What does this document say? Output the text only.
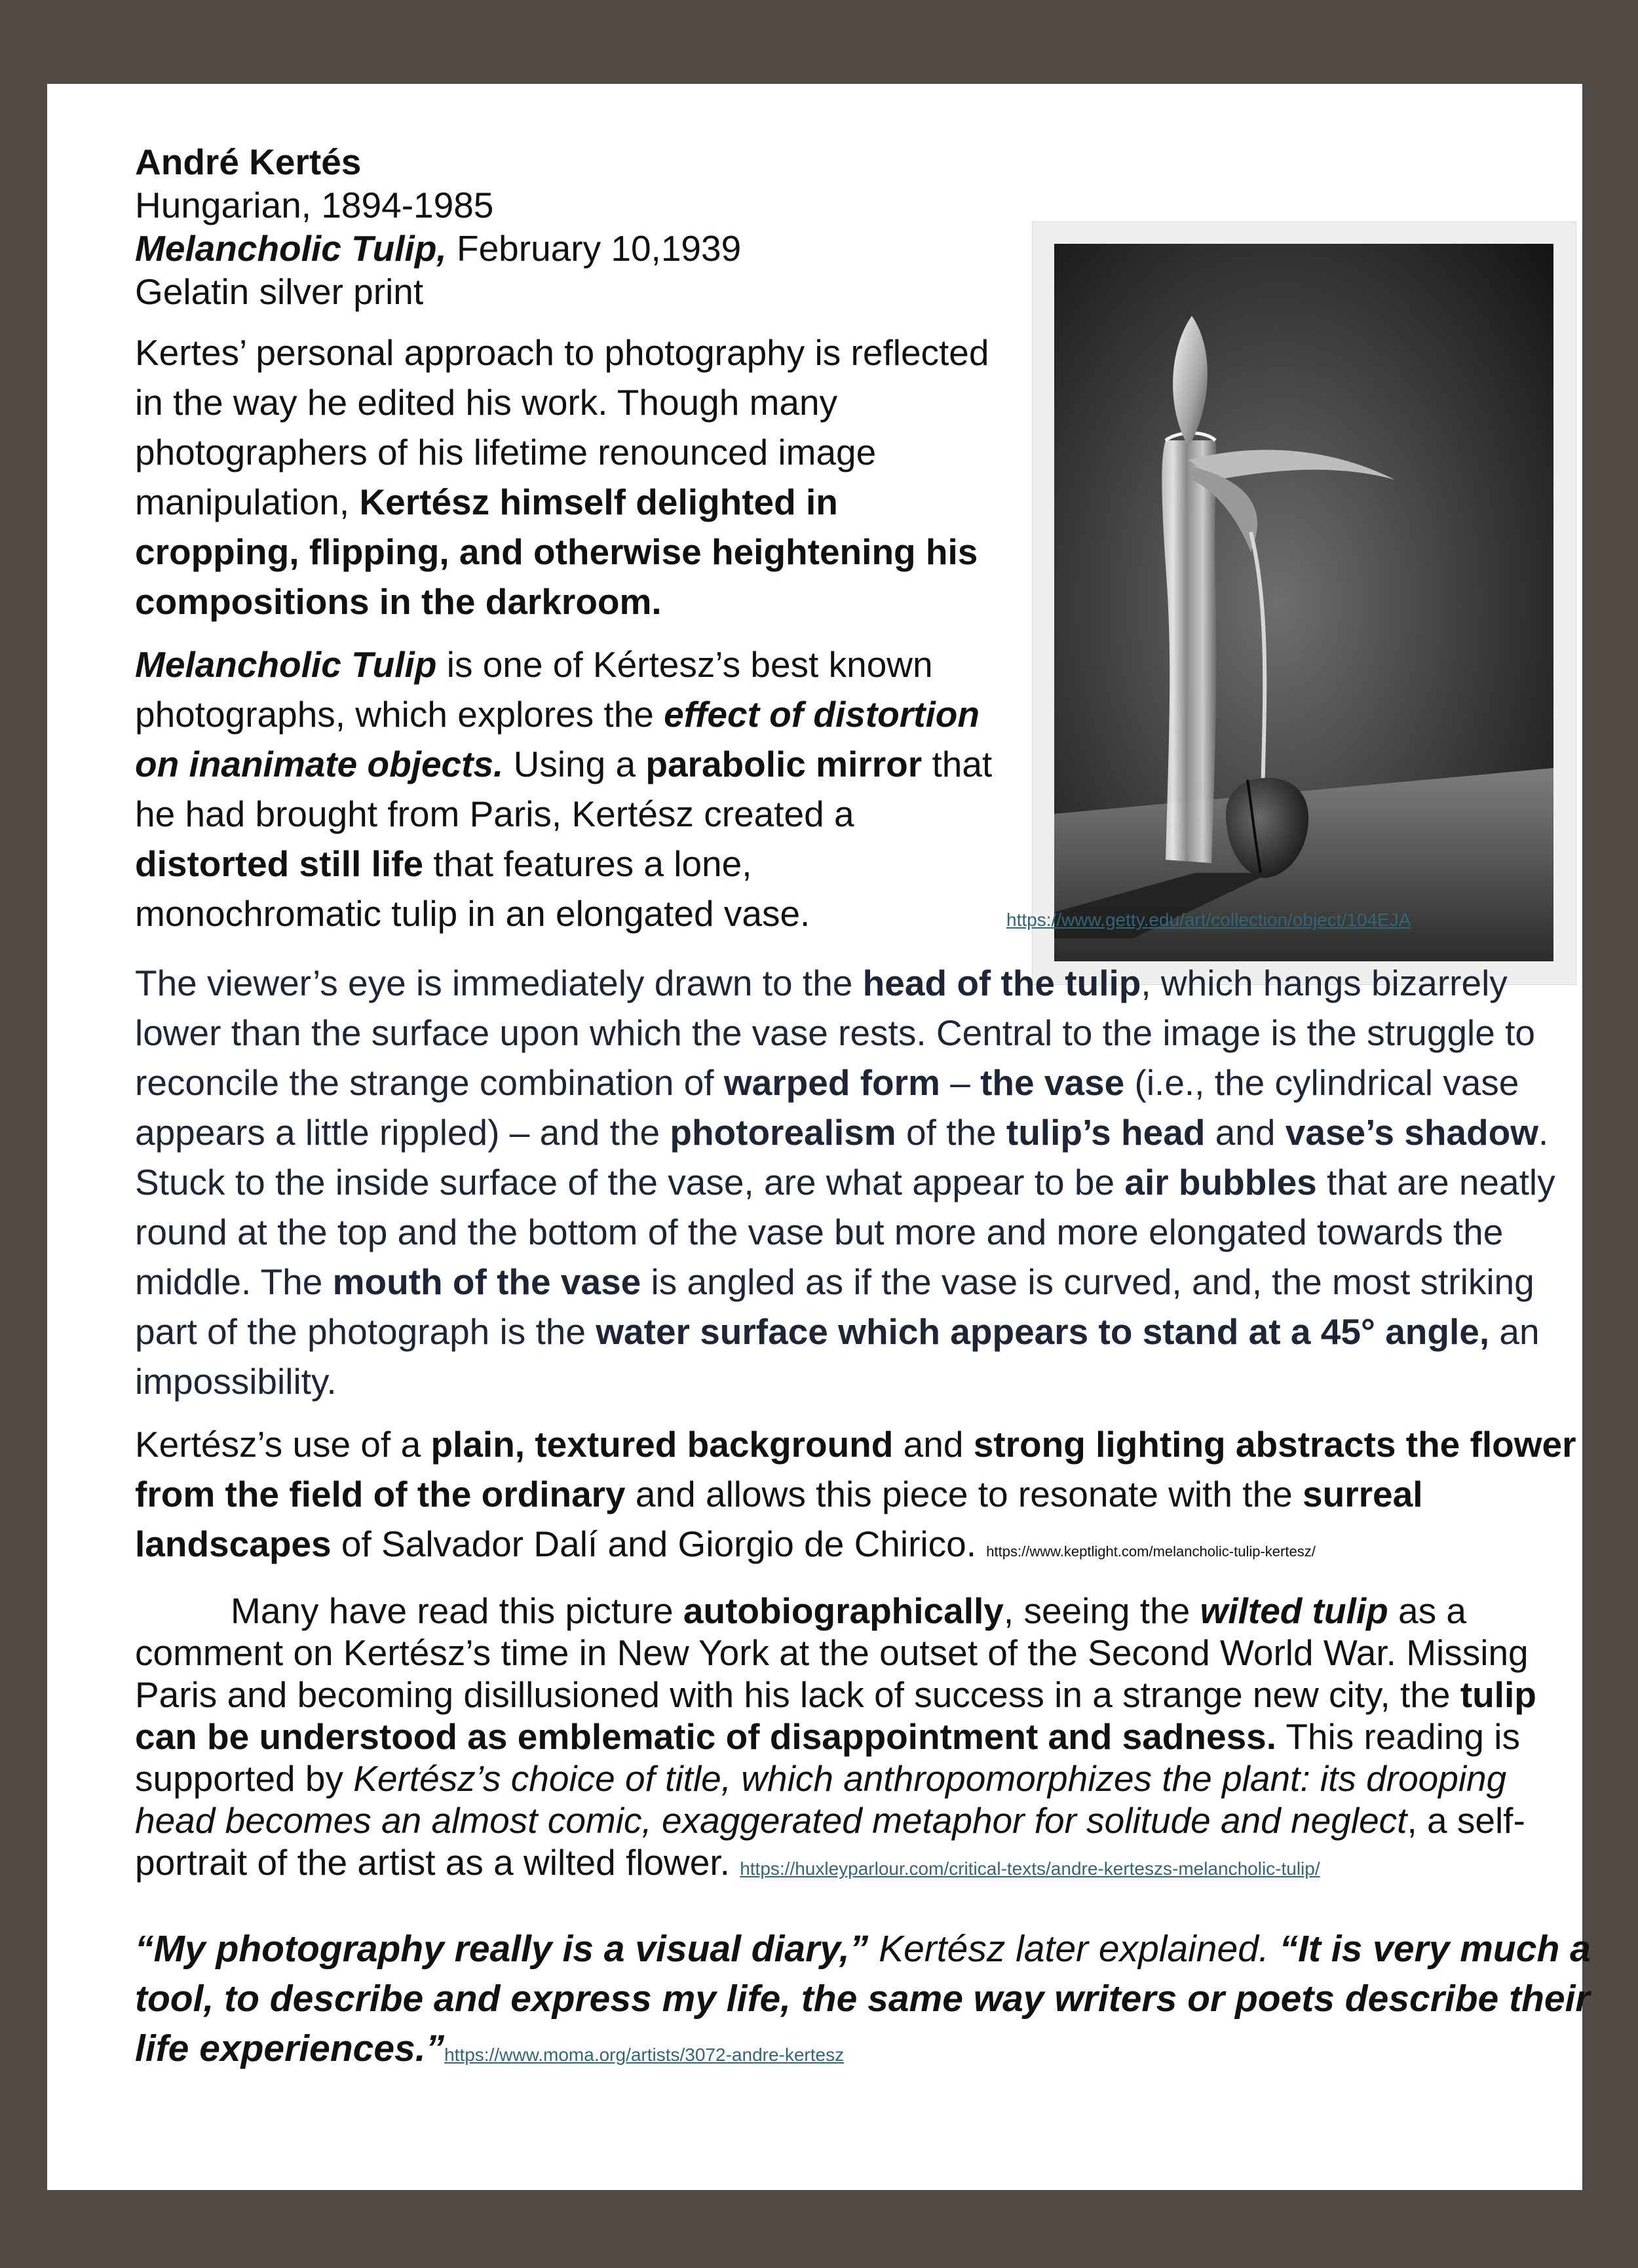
André Kertés
Hungarian, 1894-1985
Melancholic Tulip, February 10,1939
Gelatin silver print

Kertes’ personal approach to photography is reflected in the way he edited his work. Though many photographers of his lifetime renounced image manipulation, Kertész himself delighted in cropping, flipping, and otherwise heightening his compositions in the darkroom.

Melancholic Tulip is one of Kértesz’s best known photographs, which explores the effect of distortion on inanimate objects. Using a parabolic mirror that he had brought from Paris, Kertész created a distorted still life that features a lone, monochromatic tulip in an elongated vase.	https://www.getty.edu/art/collection/object/104EJA

The viewer’s eye is immediately drawn to the head of the tulip, which hangs bizarrely lower than the surface upon which the vase rests. Central to the image is the struggle to reconcile the strange combination of warped form – the vase (i.e., the cylindrical vase appears a little rippled) – and the photorealism of the tulip’s head and vase’s shadow. Stuck to the inside surface of the vase, are what appear to be air bubbles that are neatly round at the top and the bottom of the vase but more and more elongated towards the middle. The mouth of the vase is angled as if the vase is curved, and, the most striking part of the photograph is the water surface which appears to stand at a 45° angle, an impossibility.

Kertész’s use of a plain, textured background and strong lighting abstracts the flower from the field of the ordinary and allows this piece to resonate with the surreal landscapes of Salvador Dalí and Giorgio de Chirico. https://www.keptlight.com/melancholic-tulip-kertesz/

Many have read this picture autobiographically, seeing the wilted tulip as a comment on Kertész’s time in New York at the outset of the Second World War. Missing Paris and becoming disillusioned with his lack of success in a strange new city, the tulip can be understood as emblematic of disappointment and sadness. This reading is supported by Kertész’s choice of title, which anthropomorphizes the plant: its drooping head becomes an almost comic, exaggerated metaphor for solitude and neglect, a self-portrait of the artist as a wilted flower. https://huxleyparlour.com/critical-texts/andre-kerteszs-melancholic-tulip/

“My photography really is a visual diary,” Kertész later explained. “It is very much a tool, to describe and express my life, the same way writers or poets describe their life experiences.”https://www.moma.org/artists/3072-andre-kertesz
